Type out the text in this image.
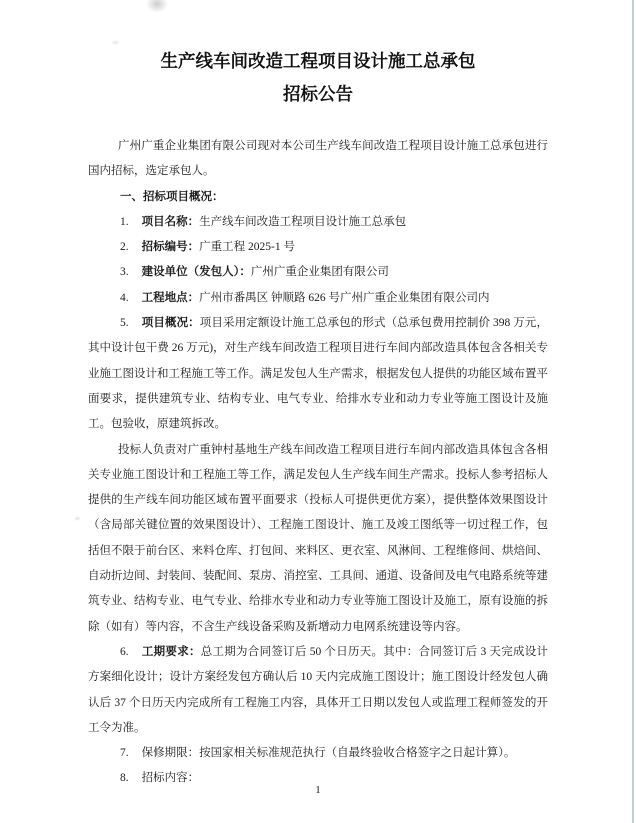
生产线车间改造工程项目设计施工总承包
招标公告

广州广重企业集团有限公司现对本公司生产线车间改造工程项目设计施工总承包进行国内招标，选定承包人。

一、招标项目概况：

1. 项目名称：生产线车间改造工程项目设计施工总承包

2. 招标编号：广重工程 2025-1 号

3. 建设单位（发包人）：广州广重企业集团有限公司

4. 工程地点：广州市番禺区 钟顺路 626 号广州广重企业集团有限公司内

5. 项目概况：项目采用定额设计施工总承包的形式（总承包费用控制价 398 万元，其中设计包干费 26 万元)，对生产线车间改造工程项目进行车间内部改造具体包含各相关专业施工图设计和工程施工等工作。满足发包人生产需求，根据发包人提供的功能区域布置平面要求，提供建筑专业、结构专业、电气专业、给排水专业和动力专业等施工图设计及施工。包验收，原建筑拆改。

投标人负责对广重钟村基地生产线车间改造工程项目进行车间内部改造具体包含各相关专业施工图设计和工程施工等工作，满足发包人生产线车间生产需求。投标人参考招标人提供的生产线车间功能区域布置平面要求（投标人可提供更优方案），提供整体效果图设计（含局部关键位置的效果图设计）、工程施工图设计、施工及竣工图纸等一切过程工作，包括但不限于前台区、来料仓库、打包间、来料区、更衣室、风淋间、工程维修间、烘焙间、自动折边间、封装间、装配间、泵房、消控室、工具间、通道、设备间及电气电路系统等建筑专业、结构专业、电气专业、给排水专业和动力专业等施工图设计及施工，原有设施的拆除（如有）等内容，不含生产线设备采购及新增动力电网系统建设等内容。

6. 工期要求：总工期为合同签订后 50 个日历天。其中：合同签订后 3 天完成设计方案细化设计；设计方案经发包方确认后 10 天内完成施工图设计；施工图设计经发包人确认后 37 个日历天内完成所有工程施工内容，具体开工日期以发包人或监理工程师签发的开工令为准。

7. 保修期限：按国家相关标准规范执行（自最终验收合格签字之日起计算）。

8. 招标内容：

1
